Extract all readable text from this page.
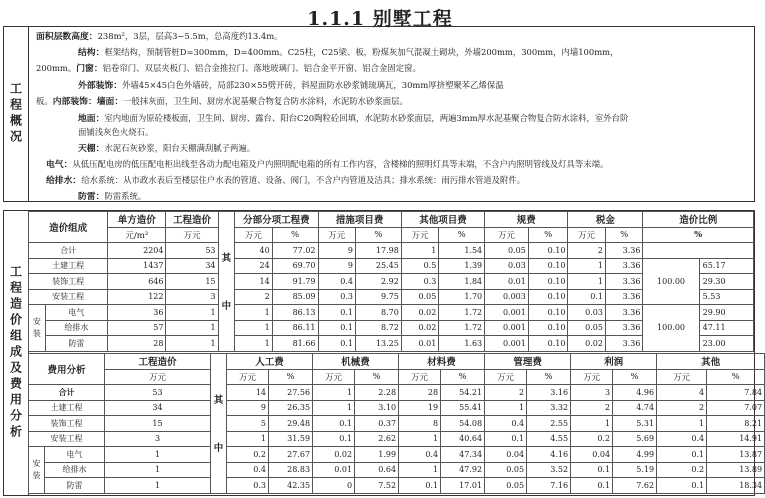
1.1.1 别墅工程
工程概况
面积层数高度：238m²，3层，层高3~5.5m，总高度约13.4m。
结构：框架结构，预制管桩D=300mm，D=400mm。C25柱，C25梁、板，粉煤灰加气混凝土砌块，外墙200mm，300mm，内墙100mm，
200mm。门窗：铝卷帘门、双层夹板门、铝合金推拉门、落地玻璃门、铝合金平开窗、铝合金固定窗。
外部装饰：外墙45×45白色外墙砖，局部230×55劈开砖，斜屋面防水砂浆铺琉璃瓦，30mm厚挤塑聚苯乙烯保温
板。内部装饰：墙面：一般抹灰面，卫生间、厨房水泥基聚合物复合防水涂料，水泥防水砂浆面层。
地面：室内地面为原砼楼板面，卫生间、厨房、露台、阳台C20陶粒砼回填，水泥防水砂浆面层，两遍3mm厚水泥基聚合物复合防水涂料，室外台阶
面铺浅灰色火烧石。
天棚：水泥石灰砂浆，阳台天棚满刮腻子两遍。
电气：从低压配电房的低压配电柜出线至各动力配电箱及户内照明配电箱的所有工作内容，含楼梯的照明灯具等末端，不含户内照明管线及灯具等末端。
给排水：给水系统：从市政水表后至楼层住户水表的管道、设备、阀门，不含户内管道及洁具；排水系统：雨污排水管道及附件。
防雷：防雷系统。
工程造价组成及费用分析
造价组成		单方造价	工程造价	其
中	分部分项工程费		措施项目费		其他项目费		规费		税金		造价比例	
		元/m²	万元		万元	%	万元	%	万元	%	万元	%	万元	%	%	
合计		2204	53		40	77.02	9	17.98	1	1.54	0.05	0.10	2	3.36		
土建工程		1437	34		24	69.70	9	25.45	0.5	1.39	0.03	0.10	1	3.36	100.00	65.17
装饰工程		646	15		14	91.79	0.4	2.92	0.3	1.84	0.01	0.10	1	3.36		29.30
安装工程		122	3		2	85.09	0.3	9.75	0.05	1.70	0.003	0.10	0.1	3.36		5.53
安装	电气	36	1		1	86.13	0.1	8.70	0.02	1.72	0.001	0.10	0.03	3.36	100.00	29.90
	给排水	57	1		1	86.11	0.1	8.72	0.02	1.72	0.001	0.10	0.05	3.36		47.11
	防雷	28	1		1	81.66	0.1	13.25	0.01	1.63	0.001	0.10	0.02	3.36		23.00
费用分析		工程造价	其
中	人工费		机械费		材料费		管理费		利润		其他	
		万元		万元	%	万元	%	万元	%	万元	%	万元	%	万元	%
合计		53		14	27.56	1	2.28	28	54.21	2	3.16	3	4.96	4	7.84
土建工程		34		9	26.35	1	3.10	19	55.41	1	3.32	2	4.74	2	7.07
装饰工程		15		5	29.48	0.1	0.37	8	54.08	0.4	2.55	1	5.31	1	8.21
安装工程		3		1	31.59	0.1	2.62	1	40.64	0.1	4.55	0.2	5.69	0.4	14.91
安装	电气	1		0.2	27.67	0.02	1.99	0.4	47.34	0.04	4.16	0.04	4.99	0.1	13.87
	给排水	1		0.4	28.83	0.01	0.64	1	47.92	0.05	3.52	0.1	5.19	0.2	13.89
	防雷	1		0.3	42.35	0	7.52	0.1	17.01	0.05	7.16	0.1	7.62	0.1	18.34
